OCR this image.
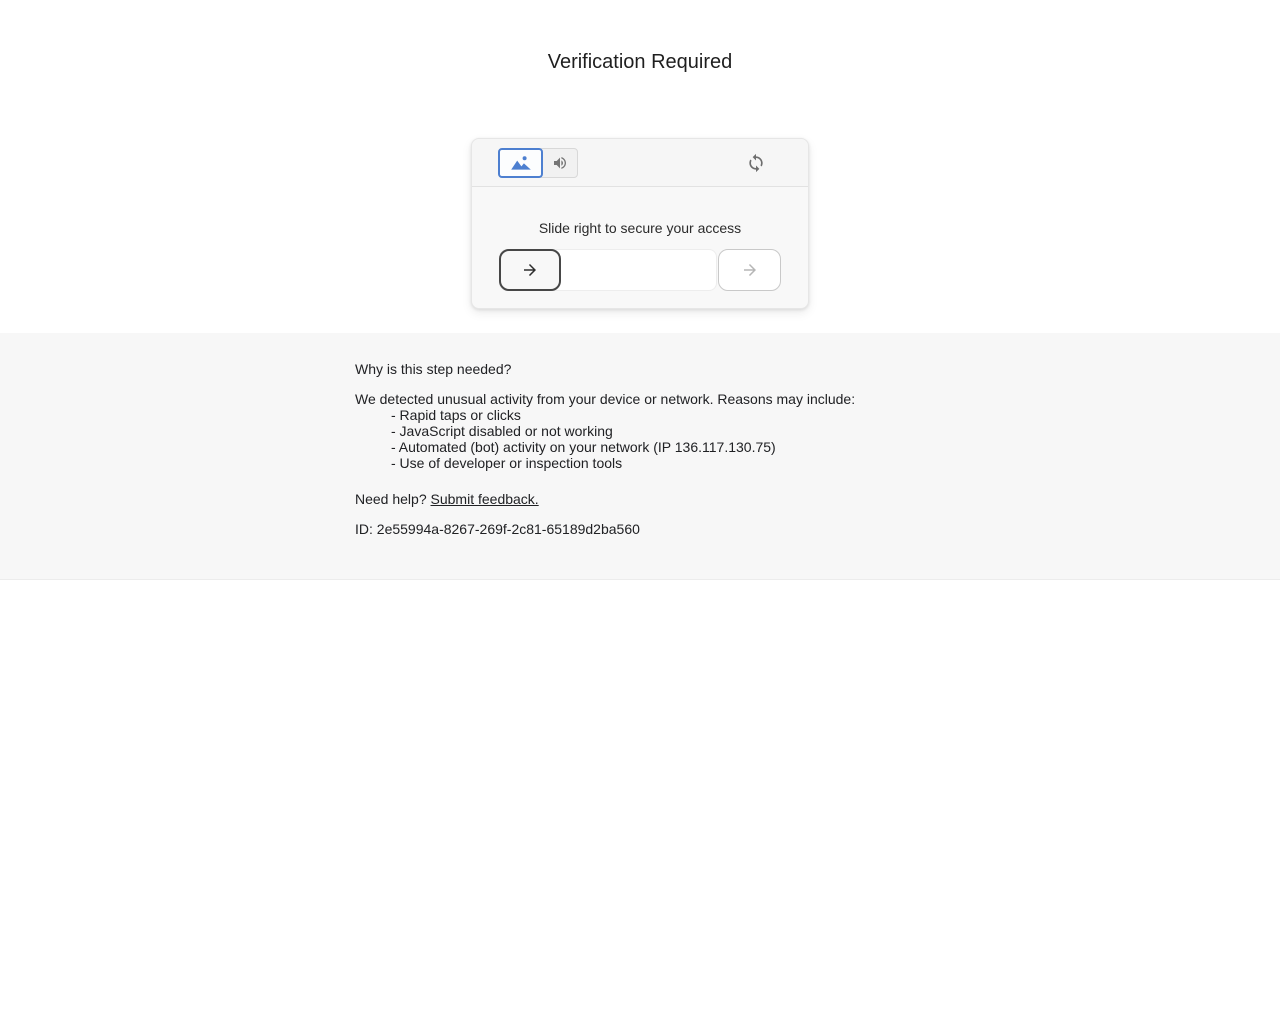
Verification Required

Slide right to secure your access

Why is this step needed?

We detected unusual activity from your device or network. Reasons may include:

- Rapid taps or clicks
- JavaScript disabled or not working
- Automated (bot) activity on your network (IP 136.117.130.75)
- Use of developer or inspection tools

Need help? Submit feedback.

ID: 2e55994a-8267-269f-2c81-65189d2ba560
